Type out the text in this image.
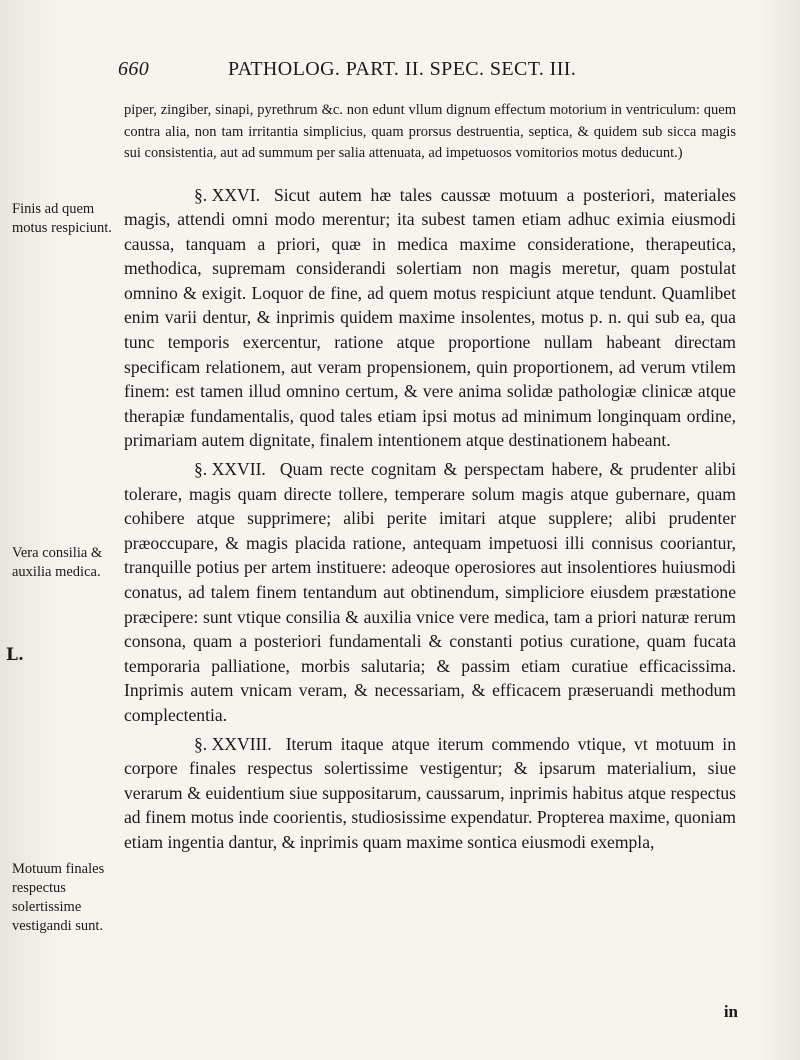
660	PATHOLOG. PART. II. SPEC. SECT. III.
Finis ad quem motus respiciunt.
Vera consilia & auxilia medica.
L.
Motuum finales respectus solertissime vestigandi sunt.
piper, zingiber, sinapi, pyrethrum &c. non edunt vllum dignum effectum motorium in ventriculum: quem contra alia, non tam irritantia simplicius, quam prorsus destruentia, septica, & quidem sub sicca magis sui consistentia, aut ad summum per salia attenuata, ad impetuosos vomitorios motus deducunt.)
§. XXVI. Sicut autem hæ tales caussæ motuum a posteriori, materiales magis, attendi omni modo merentur; ita subest tamen etiam adhuc eximia eiusmodi caussa, tanquam a priori, quæ in medica maxime consideratione, therapeutica, methodica, supremam considerandi solertiam non magis meretur, quam postulat omnino & exigit. Loquor de fine, ad quem motus respiciunt atque tendunt. Quamlibet enim varii dentur, & inprimis quidem maxime insolentes, motus p. n. qui sub ea, qua tunc temporis exercentur, ratione atque proportione nullam habeant directam specificam relationem, aut veram propensionem, quin proportionem, ad verum vtilem finem: est tamen illud omnino certum, & vere anima solidæ pathologiæ clinicæ atque therapiæ fundamentalis, quod tales etiam ipsi motus ad minimum longinquam ordine, primariam autem dignitate, finalem intentionem atque destinationem habeant.
§. XXVII. Quam recte cognitam & perspectam habere, & prudenter alibi tolerare, magis quam directe tollere, temperare solum magis atque gubernare, quam cohibere atque supprimere; alibi perite imitari atque supplere; alibi prudenter præoccupare, & magis placida ratione, antequam impetuosi illi connisus cooriantur, tranquille potius per artem instituere: adeoque operosiores aut insolentiores huiusmodi conatus, ad talem finem tentandum aut obtinendum, simpliciore eiusdem præstatione præcipere: sunt vtique consilia & auxilia vnice vere medica, tam a priori naturæ rerum consona, quam a posteriori fundamentali & constanti potius curatione, quam fucata temporaria palliatione, morbis salutaria; & passim etiam curatiue efficacissima. Inprimis autem vnicam veram, & necessariam, & efficacem præseruandi methodum complectentia.
§. XXVIII. Iterum itaque atque iterum commendo vtique, vt motuum in corpore finales respectus solertissime vestigentur; & ipsarum materialium, siue verarum & euidentium siue suppositarum, caussarum, inprimis habitus atque respectus ad finem motus inde coorientis, studiosissime expendatur. Propterea maxime, quoniam etiam ingentia dantur, & inprimis quam maxime sontica eiusmodi exempla,
in
